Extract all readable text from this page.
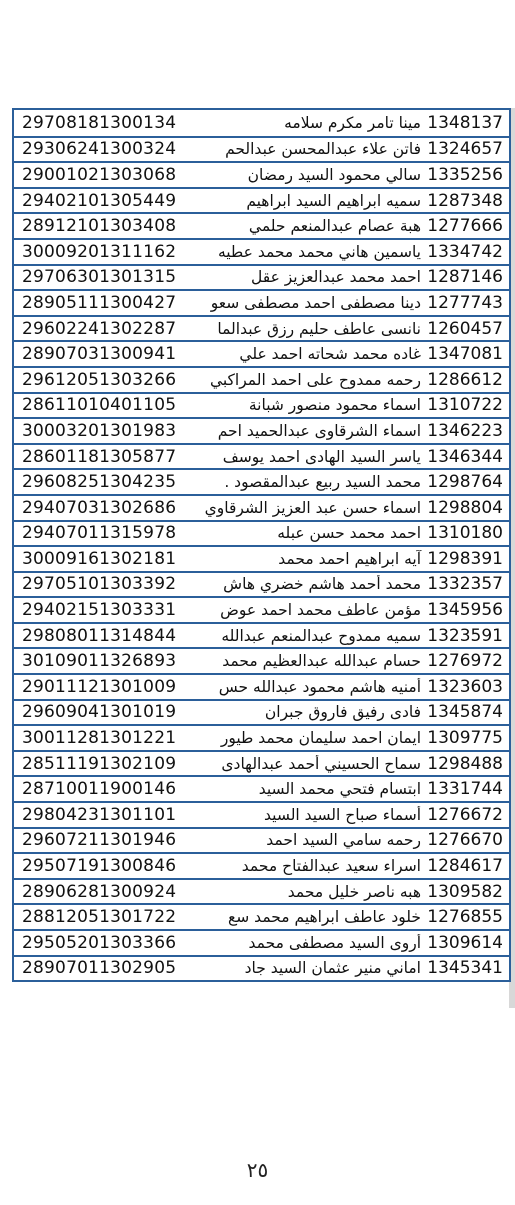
29708181300134	مينا تامر مكرم سلامه 1348137
29306241300324	فاتن علاء عبدالمحسن عبدالحم 1324657
29001021303068	سالي محمود السيد رمضان 1335256
29402101305449	سميه ابراهيم السيد ابراهيم 1287348
28912101303408	هبة عصام عبدالمنعم حلمي 1277666
30009201311162	ياسمين هاني محمد محمد عطيه 1334742
29706301301315	احمد محمد عبدالعزيز عقل 1287146
28905111300427	دينا مصطفى احمد مصطفى سعو 1277743
29602241302287	نانسى عاطف حليم رزق عبدالما 1260457
28907031300941	غاده محمد شحاته احمد علي 1347081
29612051303266	رحمه ممدوح على احمد المراكبي 1286612
28611010401105	اسماء محمود منصور شبانة 1310722
30003201301983	اسماء الشرقاوى عبدالحميد احم 1346223
28601181305877	ياسر السيد الهادى احمد يوسف 1346344
29608251304235	محمد السيد ربيع عبدالمقصود . 1298764
29407031302686	اسماء حسن عبد العزيز الشرقاوي 1298804
29407011315978	احمد محمد حسن عبله 1310180
30009161302181	آيه ابراهيم احمد محمد 1298391
29705101303392	محمد أحمد هاشم خضري هاش 1332357
29402151303331	مؤمن عاطف محمد احمد عوض 1345956
29808011314844	سميه ممدوح عبدالمنعم عبدالله 1323591
30109011326893	حسام عبدالله عبدالعظيم محمد 1276972
29011121301009	أمنيه هاشم محمود عبدالله حس 1323603
29609041301019	فادى رفيق فاروق جبران 1345874
30011281301221	ايمان احمد سليمان محمد طيور 1309775
28511191302109	سماح الحسيني أحمد عبدالهادى 1298488
28710011900146	ابتسام فتحي محمد السيد 1331744
29804231301101	أسماء صباح السيد السيد 1276672
29607211301946	رحمه سامي السيد احمد 1276670
29507191300846	اسراء سعيد عبدالفتاح محمد 1284617
28906281300924	هبه ناصر خليل محمد 1309582
28812051301722	خلود عاطف ابراهيم محمد سع 1276855
29505201303366	أروى السيد مصطفى محمد 1309614
28907011302905	اماني منير عثمان السيد جاد 1345341
٢٥
